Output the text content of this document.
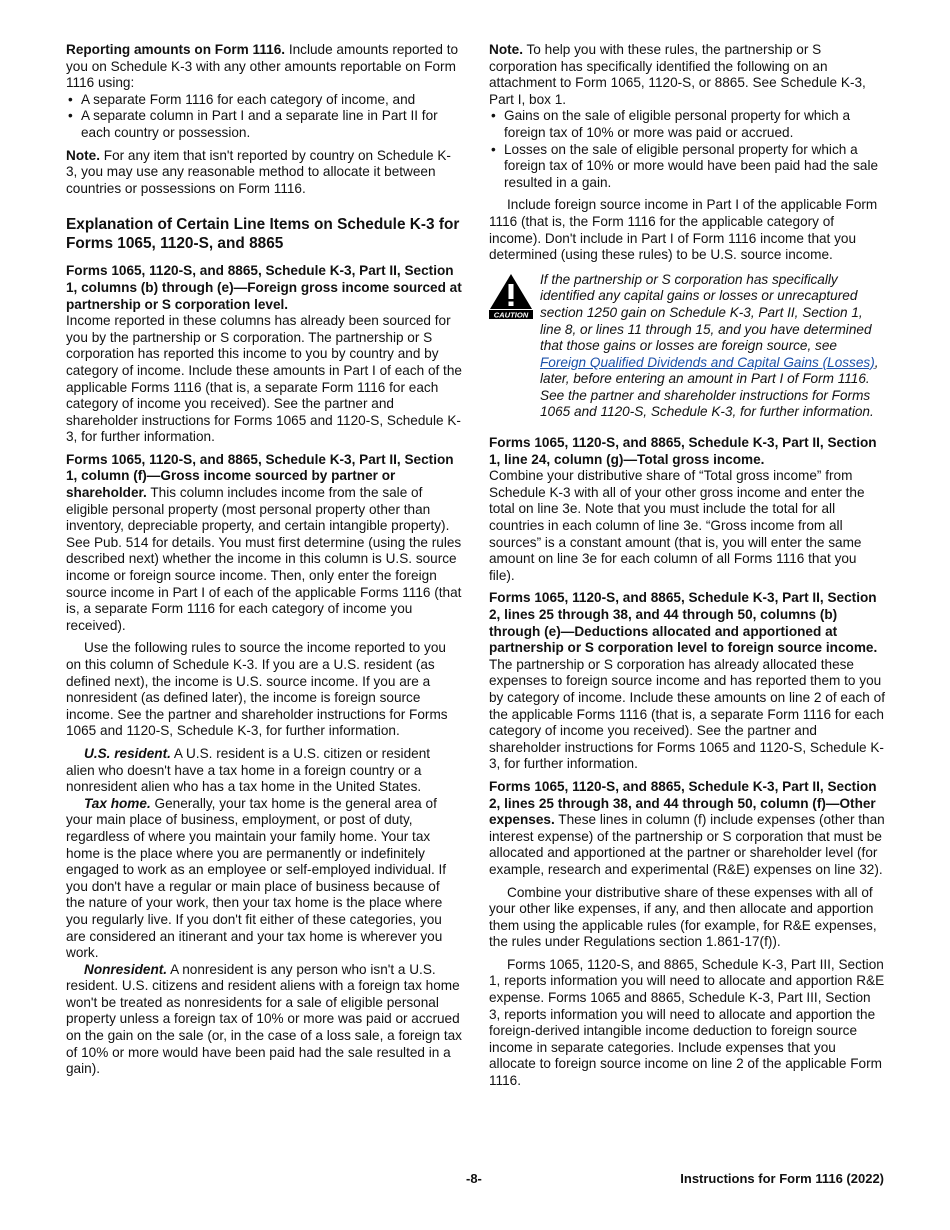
Reporting amounts on Form 1116. Include amounts reported to you on Schedule K-3 with any other amounts reportable on Form 1116 using:

• A separate Form 1116 for each category of income, and
• A separate column in Part I and a separate line in Part II for each country or possession.

Note. For any item that isn't reported by country on Schedule K-3, you may use any reasonable method to allocate it between countries or possessions on Form 1116.

Explanation of Certain Line Items on Schedule K-3 for Forms 1065, 1120-S, and 8865

Forms 1065, 1120-S, and 8865, Schedule K-3, Part II, Section 1, columns (b) through (e)—Foreign gross income sourced at partnership or S corporation level.
Income reported in these columns has already been sourced for you by the partnership or S corporation. The partnership or S corporation has reported this income to you by country and by category of income. Include these amounts in Part I of each of the applicable Forms 1116 (that is, a separate Form 1116 for each category of income you received). See the partner and shareholder instructions for Forms 1065 and 1120-S, Schedule K-3, for further information.

Forms 1065, 1120-S, and 8865, Schedule K-3, Part II, Section 1, column (f)—Gross income sourced by partner or shareholder. This column includes income from the sale of eligible personal property (most personal property other than inventory, depreciable property, and certain intangible property). See Pub. 514 for details. You must first determine (using the rules described next) whether the income in this column is U.S. source income or foreign source income. Then, only enter the foreign source income in Part I of each of the applicable Forms 1116 (that is, a separate Form 1116 for each category of income you received).

Use the following rules to source the income reported to you on this column of Schedule K-3. If you are a U.S. resident (as defined next), the income is U.S. source income. If you are a nonresident (as defined later), the income is foreign source income. See the partner and shareholder instructions for Forms 1065 and 1120-S, Schedule K-3, for further information.

U.S. resident. A U.S. resident is a U.S. citizen or resident alien who doesn't have a tax home in a foreign country or a nonresident alien who has a tax home in the United States.

Tax home. Generally, your tax home is the general area of your main place of business, employment, or post of duty, regardless of where you maintain your family home. Your tax home is the place where you are permanently or indefinitely engaged to work as an employee or self-employed individual. If you don't have a regular or main place of business because of the nature of your work, then your tax home is the place where you regularly live. If you don't fit either of these categories, you are considered an itinerant and your tax home is wherever you work.

Nonresident. A nonresident is any person who isn't a U.S. resident. U.S. citizens and resident aliens with a foreign tax home won't be treated as nonresidents for a sale of eligible personal property unless a foreign tax of 10% or more was paid or accrued on the gain on the sale (or, in the case of a loss sale, a foreign tax of 10% or more would have been paid had the sale resulted in a gain).

Note. To help you with these rules, the partnership or S corporation has specifically identified the following on an attachment to Form 1065, 1120-S, or 8865. See Schedule K-3, Part I, box 1.

• Gains on the sale of eligible personal property for which a foreign tax of 10% or more was paid or accrued.
• Losses on the sale of eligible personal property for which a foreign tax of 10% or more would have been paid had the sale resulted in a gain.

Include foreign source income in Part I of the applicable Form 1116 (that is, the Form 1116 for the applicable category of income). Don't include in Part I of Form 1116 income that you determined (using these rules) to be U.S. source income.

CAUTION
If the partnership or S corporation has specifically identified any capital gains or losses or unrecaptured section 1250 gain on Schedule K-3, Part II, Section 1, line 8, or lines 11 through 15, and you have determined that those gains or losses are foreign source, see Foreign Qualified Dividends and Capital Gains (Losses), later, before entering an amount in Part I of Form 1116. See the partner and shareholder instructions for Forms 1065 and 1120-S, Schedule K-3, for further information.

Forms 1065, 1120-S, and 8865, Schedule K-3, Part II, Section 1, line 24, column (g)—Total gross income.
Combine your distributive share of “Total gross income” from Schedule K-3 with all of your other gross income and enter the total on line 3e. Note that you must include the total for all countries in each column of line 3e. “Gross income from all sources” is a constant amount (that is, you will enter the same amount on line 3e for each column of all Forms 1116 that you file).

Forms 1065, 1120-S, and 8865, Schedule K-3, Part II, Section 2, lines 25 through 38, and 44 through 50, columns (b) through (e)—Deductions allocated and apportioned at partnership or S corporation level to foreign source income. The partnership or S corporation has already allocated these expenses to foreign source income and has reported them to you by category of income. Include these amounts on line 2 of each of the applicable Forms 1116 (that is, a separate Form 1116 for each category of income you received). See the partner and shareholder instructions for Forms 1065 and 1120-S, Schedule K-3, for further information.

Forms 1065, 1120-S, and 8865, Schedule K-3, Part II, Section 2, lines 25 through 38, and 44 through 50, column (f)—Other expenses. These lines in column (f) include expenses (other than interest expense) of the partnership or S corporation that must be allocated and apportioned at the partner or shareholder level (for example, research and experimental (R&E) expenses on line 32).

Combine your distributive share of these expenses with all of your other like expenses, if any, and then allocate and apportion them using the applicable rules (for example, for R&E expenses, the rules under Regulations section 1.861-17(f)).

Forms 1065, 1120-S, and 8865, Schedule K-3, Part III, Section 1, reports information you will need to allocate and apportion R&E expense. Forms 1065 and 8865, Schedule K-3, Part III, Section 3, reports information you will need to allocate and apportion the foreign-derived intangible income deduction to foreign source income in separate categories. Include expenses that you allocate to foreign source income on line 2 of the applicable Form 1116.

-8-	Instructions for Form 1116 (2022)
